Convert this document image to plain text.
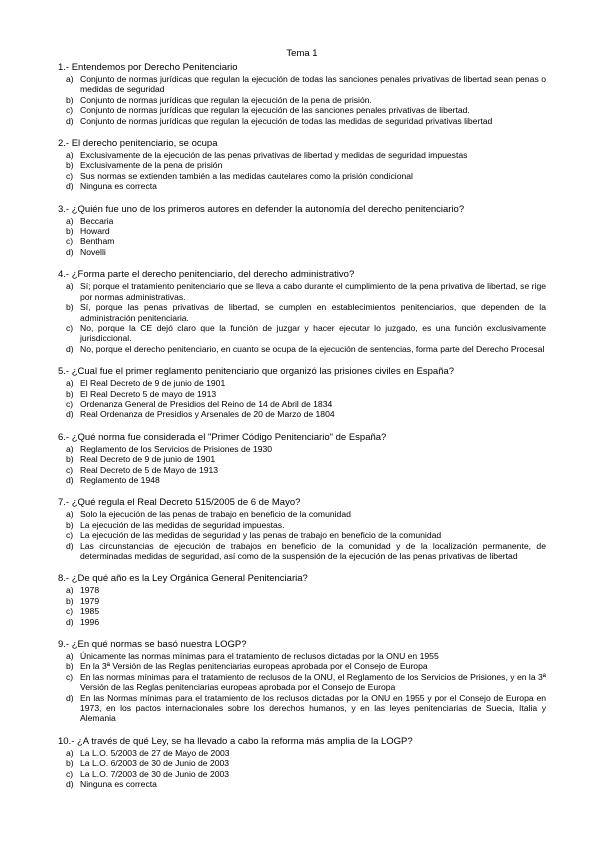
Tema 1
1.- Entendemos por Derecho Penitenciario
a) Conjunto de normas jurídicas que regulan la ejecución de todas las sanciones penales privativas de libertad sean penas o medidas de seguridad
b) Conjunto de normas jurídicas que regulan la ejecución de la pena de prisión.
c) Conjunto de normas jurídicas que regulan la ejecución de las sanciones penales privativas de libertad.
d) Conjunto de normas jurídicas que regulan la ejecución de todas las medidas de seguridad privativas libertad
2.- El derecho penitenciario, se ocupa
a) Exclusivamente de la ejecución de las penas privativas de libertad y medidas de seguridad impuestas
b) Exclusivamente de la pena de prisión
c) Sus normas se extienden también a las medidas cautelares como la prisión condicional
d) Ninguna es correcta
3.- ¿Quién fue uno de los primeros autores en defender la autonomía del derecho penitenciario?
a) Beccaria
b) Howard
c) Bentham
d) Novelli
4.- ¿Forma parte el derecho penitenciario, del derecho administrativo?
a) Sí; porque el tratamiento penitenciario que se lleva a cabo durante el cumplimiento de la pena privativa de libertad, se rige por normas administrativas.
b) Sí, porque las penas privativas de libertad, se cumplen en establecimientos penitenciarios, que dependen de la administración penitenciaria.
c) No, porque la CE dejó claro que la función de juzgar y hacer ejecutar lo juzgado, es una función exclusivamente jurisdiccional.
d) No, porque el derecho penitenciario, en cuanto se ocupa de la ejecución de sentencias, forma parte del Derecho Procesal
5.- ¿Cual fue el primer reglamento penitenciario que organizó las prisiones civiles en España?
a) El Real Decreto de 9 de junio de 1901
b) El Real Decreto 5 de mayo de 1913
c) Ordenanza General de Presidios del Reino de 14 de Abril de 1834
d) Real Ordenanza de Presidios y Arsenales de 20 de Marzo de 1804
6.- ¿Qué norma fue considerada el "Primer Código Penitenciario" de España?
a) Reglamento de los Servicios de Prisiones de 1930
b) Real Decreto de 9 de junio de 1901
c) Real Decreto de 5 de Mayo de 1913
d) Reglamento de 1948
7.- ¿Qué regula el Real Decreto 515/2005 de 6 de Mayo?
a) Solo la ejecución de las penas de trabajo en beneficio de la comunidad
b) La ejecución de las medidas de seguridad impuestas.
c) La ejecución de las medidas de seguridad y las penas de trabajo en beneficio de la comunidad
d) Las circunstancias de ejecución de trabajos en beneficio de la comunidad y de la localización permanente, de determinadas medidas de seguridad, así como de la suspensión de la ejecución de las penas privativas de libertad
8.- ¿De qué año es la Ley Orgánica General Penitenciaria?
a) 1978
b) 1979
c) 1985
d) 1996
9.- ¿En qué normas se basó nuestra LOGP?
a) Únicamente las normas mínimas para el tratamiento de reclusos dictadas por la ONU en 1955
b) En la 3ª Versión de las Reglas penitenciarias europeas aprobada por el Consejo de Europa
c) En las normas mínimas para el tratamiento de reclusos de la ONU, el Reglamento de los Servicios de Prisiones, y en la 3ª Versión de las Reglas penitenciarias europeas aprobada por el Consejo de Europa
d) En las Normas mínimas para el tratamiento de los reclusos dictadas por la ONU en 1955 y por el Consejo de Europa en 1973, en los pactos internacionales sobre los derechos humanos, y en las leyes penitenciarias de Suecia, Italia y Alemania
10.- ¿A través de qué Ley, se ha llevado a cabo la reforma más amplia de la LOGP?
a) La L.O. 5/2003 de 27 de Mayo de 2003
b) La L.O. 6/2003 de 30 de Junio de 2003
c) La L.O. 7/2003 de 30 de Junio de 2003
d) Ninguna es correcta
